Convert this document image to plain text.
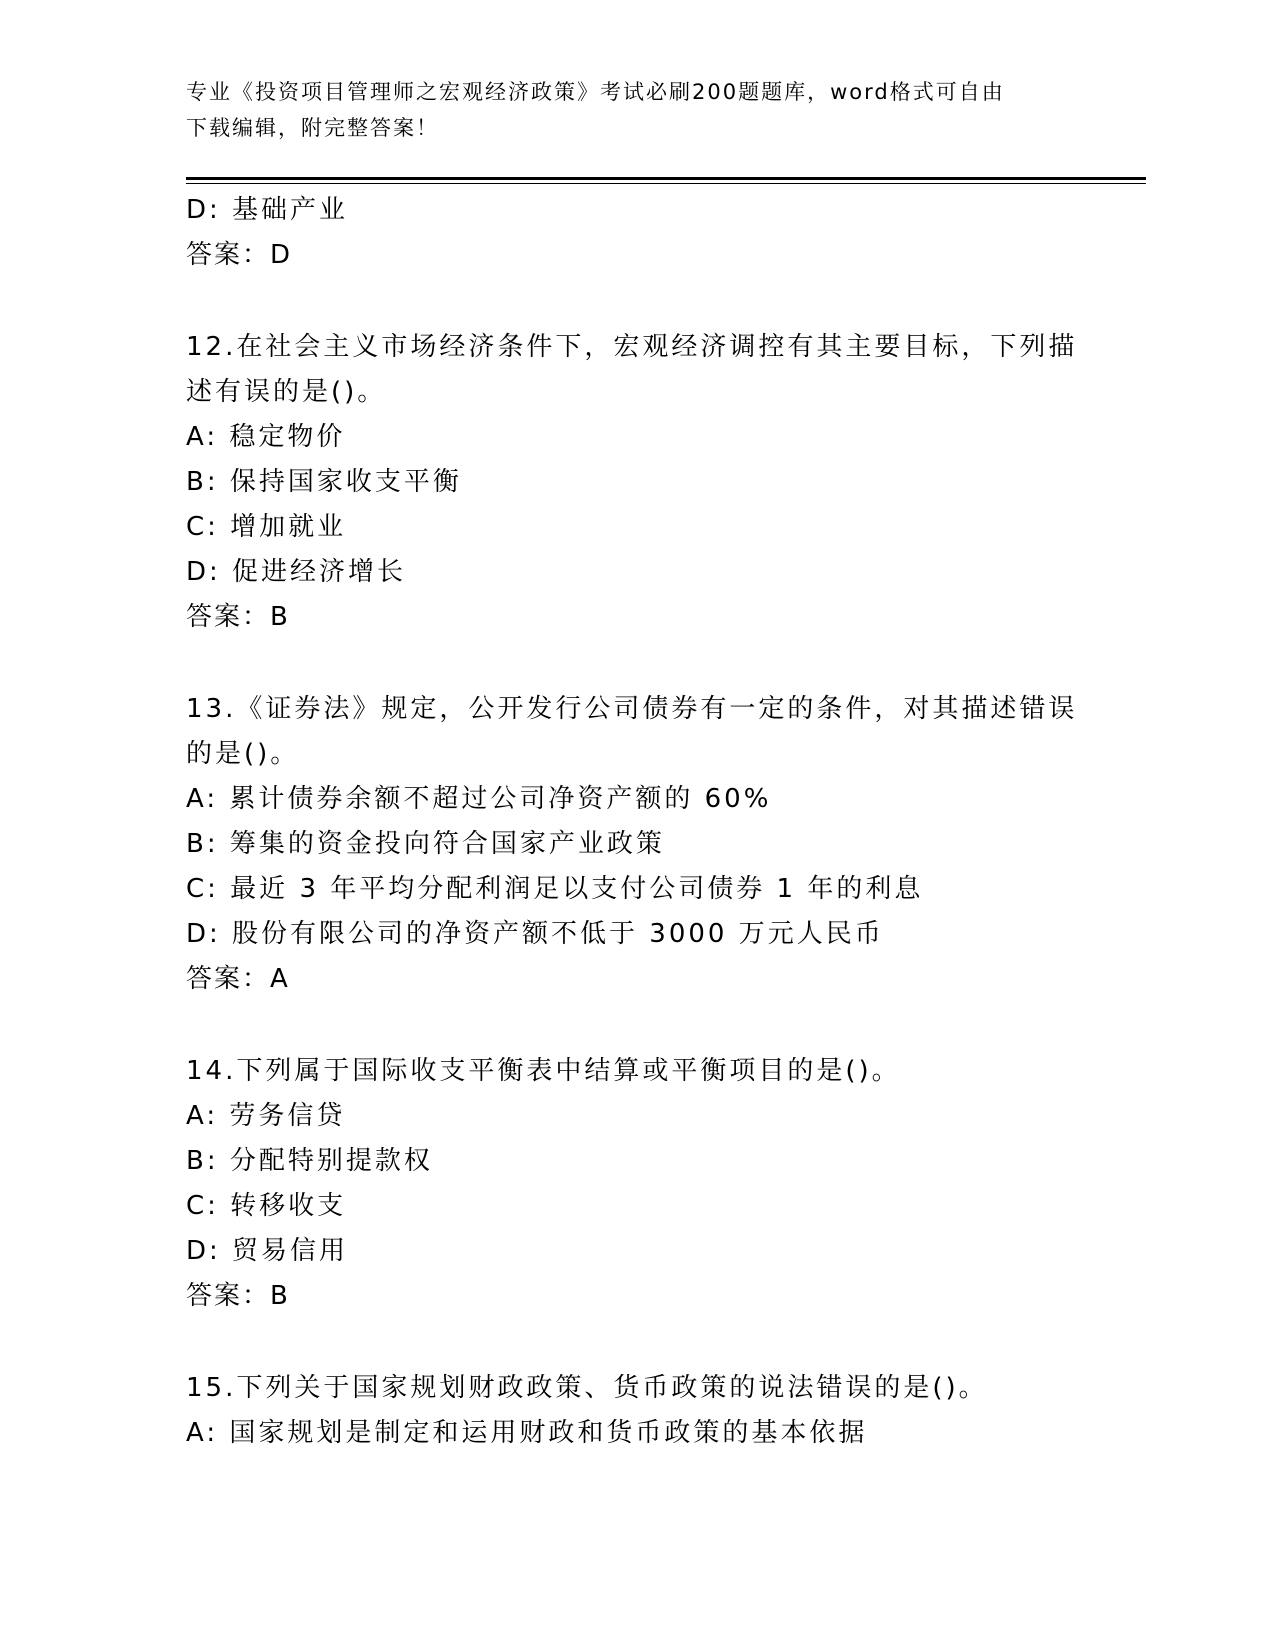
专业《投资项目管理师之宏观经济政策》考试必刷200题题库，word格式可自由
下载编辑，附完整答案！
D: 基础产业
答案：D
12.在社会主义市场经济条件下，宏观经济调控有其主要目标，下列描
述有误的是()。
A: 稳定物价
B: 保持国家收支平衡
C: 增加就业
D: 促进经济增长
答案：B
13.《证券法》规定，公开发行公司债券有一定的条件，对其描述错误
的是()。
A: 累计债券余额不超过公司净资产额的 60%
B: 筹集的资金投向符合国家产业政策
C: 最近 3 年平均分配利润足以支付公司债券 1 年的利息
D: 股份有限公司的净资产额不低于 3000 万元人民币
答案：A
14.下列属于国际收支平衡表中结算或平衡项目的是()。
A: 劳务信贷
B: 分配特别提款权
C: 转移收支
D: 贸易信用
答案：B
15.下列关于国家规划财政政策、货币政策的说法错误的是()。
A: 国家规划是制定和运用财政和货币政策的基本依据
